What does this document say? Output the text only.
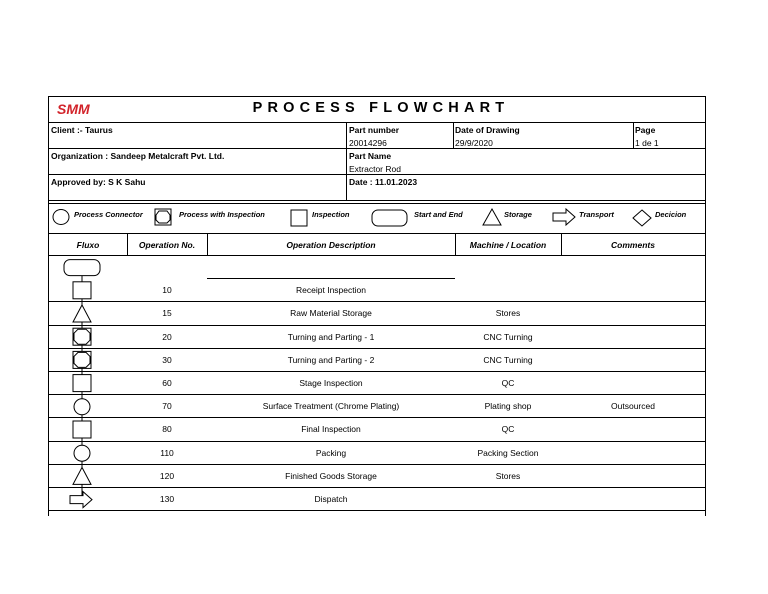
SMM	PROCESS FLOWCHART
Client :- Taurus
Organization : Sandeep Metalcraft Pvt. Ltd.
Approved by: S K Sahu
Part number
20014296
Part Name
Extractor Rod
Date : 11.01.2023
Date of Drawing
29/9/2020
Page
1 de 1
Process Connector	Process with Inspection	Inspection	Start and End	Storage	Transport	Decicion
Fluxo	Operation No.	Operation Description	Machine / Location	Comments
10	Receipt Inspection
15	Raw Material Storage	Stores
20	Turning and Parting - 1	CNC Turning
30	Turning and Parting - 2	CNC Turning
60	Stage Inspection	QC
70	Surface Treatment (Chrome Plating)	Plating shop	Outsourced
80	Final Inspection	QC
110	Packing	Packing Section
120	Finished Goods Storage	Stores
130	Dispatch
